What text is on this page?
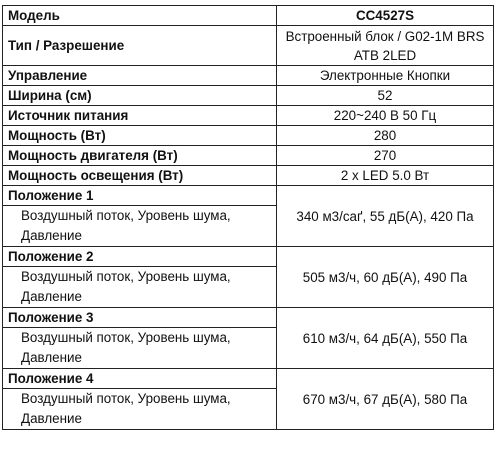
Модель	CC4527S
Тип / Разрешение	Встроенный блок / G02-1M BRS ATB 2LED
Управление	Электронные Кнопки
Ширина (см)	52
Источник питания	220~240 В 50 Гц
Мощность (Вт)	280
Мощность двигателя (Вт)	270
Мощность освещения (Вт)	2 x LED 5.0 Вт
Положение 1	340 м3/саґ, 55 дБ(A), 420 Па
Воздушный поток, Уровень шума, Давление	
Положение 2	505 м3/ч, 60 дБ(A), 490 Па
Воздушный поток, Уровень шума, Давление	
Положение 3	610 м3/ч, 64 дБ(A), 550 Па
Воздушный поток, Уровень шума, Давление	
Положение 4	670 м3/ч, 67 дБ(A), 580 Па
Воздушный поток, Уровень шума, Давление	
